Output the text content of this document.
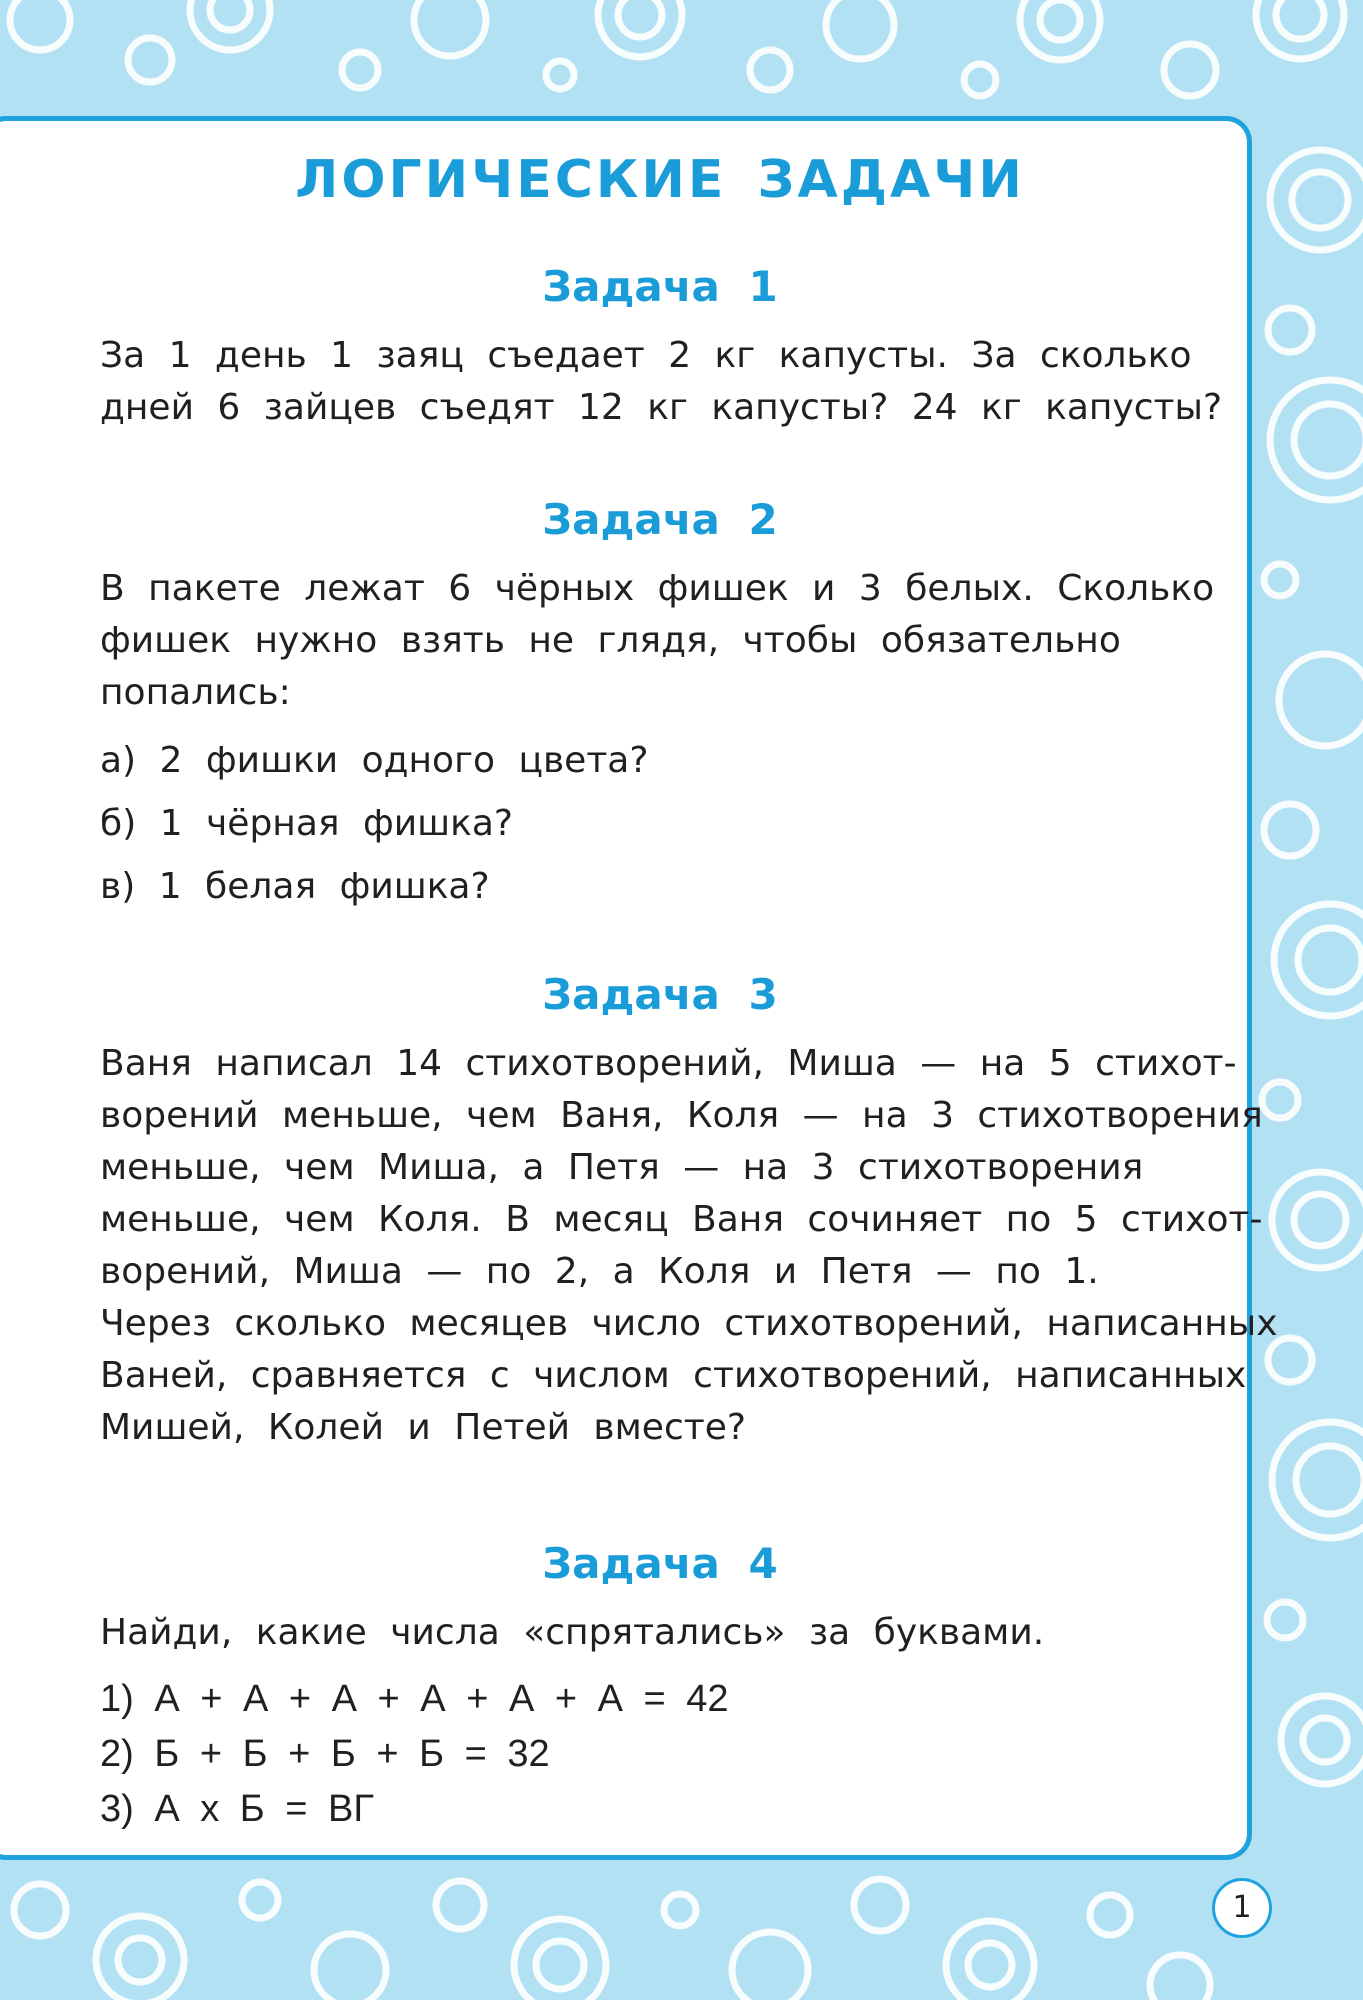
ЛОГИЧЕСКИЕ ЗАДАЧИ
Задача 1
За 1 день 1 заяц съедает 2 кг капусты. За сколько
дней 6 зайцев съедят 12 кг капусты? 24 кг капусты?
Задача 2
В пакете лежат 6 чёрных фишек и 3 белых. Сколько
фишек нужно взять не глядя, чтобы обязательно
попались:
а) 2 фишки одного цвета?
б) 1 чёрная фишка?
в) 1 белая фишка?
Задача 3
Ваня написал 14 стихотворений, Миша — на 5 стихот-
ворений меньше, чем Ваня, Коля — на 3 стихотворения
меньше, чем Миша, а Петя — на 3 стихотворения
меньше, чем Коля. В месяц Ваня сочиняет по 5 стихот-
ворений, Миша — по 2, а Коля и Петя — по 1.
Через сколько месяцев число стихотворений, написанных
Ваней, сравняется с числом стихотворений, написанных
Мишей, Колей и Петей вместе?
Задача 4
Найди, какие числа «спрятались» за буквами.
1) А + А + А + А + А + А = 42
2) Б + Б + Б + Б = 32
3) А х Б = ВГ
1
